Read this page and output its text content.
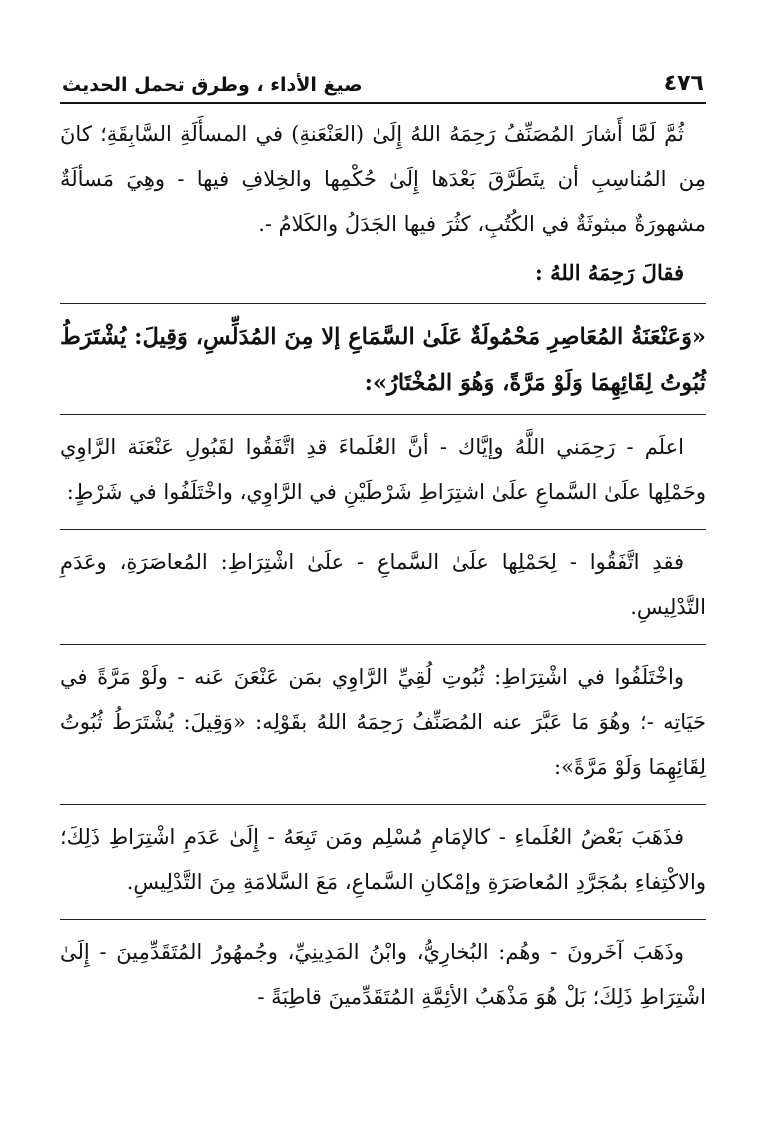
٤٧٦
صيغ الأداء ، وطرق تحمل الحديث

ثُمَّ لَمَّا أَشارَ المُصَنِّفُ رَحِمَهُ اللهُ إِلَىٰ (العَنْعَنةِ) في المسأَلَةِ السَّابِقَةِ؛ كانَ مِن المُناسِبِ أن يتَطَرَّقَ بَعْدَها إِلَىٰ حُكْمِها والخِلافِ فيها - وهِيَ مَسألَةٌ مشهورَةٌ مبثوثَةٌ في الكُتُبِ، كثُرَ فيها الجَدَلُ والكَلامُ -.

فقالَ رَحِمَهُ اللهُ :

«وَعَنْعَنَةُ المُعَاصِرِ مَحْمُولَةٌ عَلَىٰ السَّمَاعِ إلا مِنَ المُدَلِّسِ، وَقِيلَ: يُشْتَرَطُ ثُبُوتُ لِقَائِهِمَا وَلَوْ مَرَّةً، وَهُوَ المُخْتَارُ»:

اعلَم - رَحِمَني اللَّهُ وإيَّاك - أنَّ العُلَماءَ قدِ اتَّفَقُوا لقَبُولِ عَنْعَنَة الرَّاوِي وحَمْلِها علَىٰ السَّماعِ علَىٰ اشتِرَاطِ شَرْطَيْنِ في الرَّاوِي، واخْتَلَفُوا في شَرْطٍ:

فقدِ اتَّفَقُوا - لِحَمْلِها علَىٰ السَّماعِ - علَىٰ اشْتِرَاطِ: المُعاصَرَةِ، وعَدَمِ التَّدْلِيسِ.

واخْتَلَفُوا في اشْتِرَاطِ: ثُبُوتِ لُقِيِّ الرَّاوِي بمَن عَنْعَنَ عَنه - ولَوْ مَرَّةً في حَيَاتِه -؛ وهُوَ مَا عَبَّرَ عنه المُصَنِّفُ رَحِمَهُ اللهُ بقَوْلِه: «وَقِيلَ: يُشْتَرَطُ ثُبُوتُ لِقَائِهِمَا وَلَوْ مَرَّةً»:

فذَهَبَ بَعْضُ العُلَماءِ - كالإمَامِ مُسْلِم ومَن تَبِعَهُ - إِلَىٰ عَدَمِ اشْتِرَاطِ ذَلِكَ؛ والاكْتِفاءِ بمُجَرَّدِ المُعاصَرَةِ وإمْكانِ السَّماعِ، مَعَ السَّلامَةِ مِنَ التَّدْلِيسِ.

وذَهَبَ آخَرونَ - وهُم: البُخارِيُّ، وابْنُ المَدِينِيِّ، وجُمهُورُ المُتَقَدِّمِينَ - إِلَىٰ اشْتِرَاطِ ذَلِكَ؛ بَلْ هُوَ مَذْهَبُ الأئِمَّةِ المُتَقَدِّمينَ قاطِبَةً -
